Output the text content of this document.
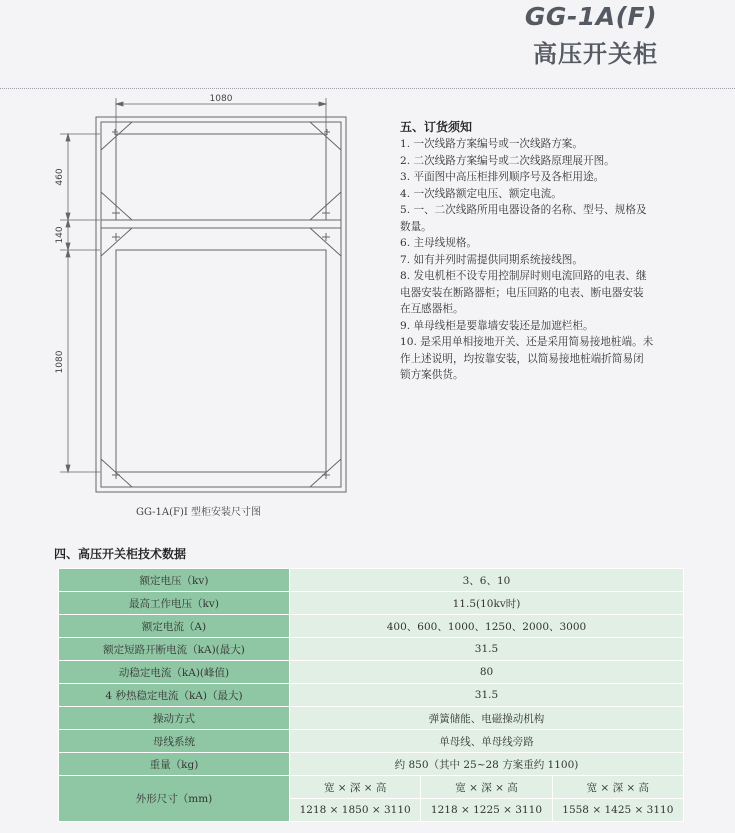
GG-1A(F)
高压开关柜
1080
460
140
1080
GG-1A(F)I 型柜安装尺寸图
五、订货须知
1. 一次线路方案编号或一次线路方案。
2. 二次线路方案编号或二次线路原理展开图。
3. 平面图中高压柜排列顺序号及各柜用途。
4. 一次线路额定电压、额定电流。
5. 一、二次线路所用电器设备的名称、型号、规格及
数量。
6. 主母线规格。
7. 如有并列时需提供同期系统接线图。
8. 发电机柜不设专用控制屏时则电流回路的电表、继
电器安装在断路器柜；电压回路的电表、断电器安装
在互感器柜。
9. 单母线柜是要靠墙安装还是加遮栏柜。
10. 是采用单相接地开关、还是采用简易接地桩端。未
作上述说明，均按靠安装，以简易接地桩端折简易闭
锁方案供货。
四、高压开关柜技术数据
额定电压（kv)	3、6、10		
最高工作电压（kv)	11.5(10kv时)		
额定电流（A)	400、600、1000、1250、2000、3000		
额定短路开断电流（kA)(最大)	31.5		
动稳定电流（kA)(峰值)	80		
4 秒热稳定电流（kA)（最大)	31.5		
操动方式	弹簧储能、电磁操动机构		
母线系统	单母线、单母线旁路		
重量（kg)	约 850（其中 25~28 方案重约 1100)		
外形尺寸（mm)	宽 × 深 × 高	宽 × 深 × 高	宽 × 深 × 高
	1218 × 1850 × 3110	1218 × 1225 × 3110	1558 × 1425 × 3110
